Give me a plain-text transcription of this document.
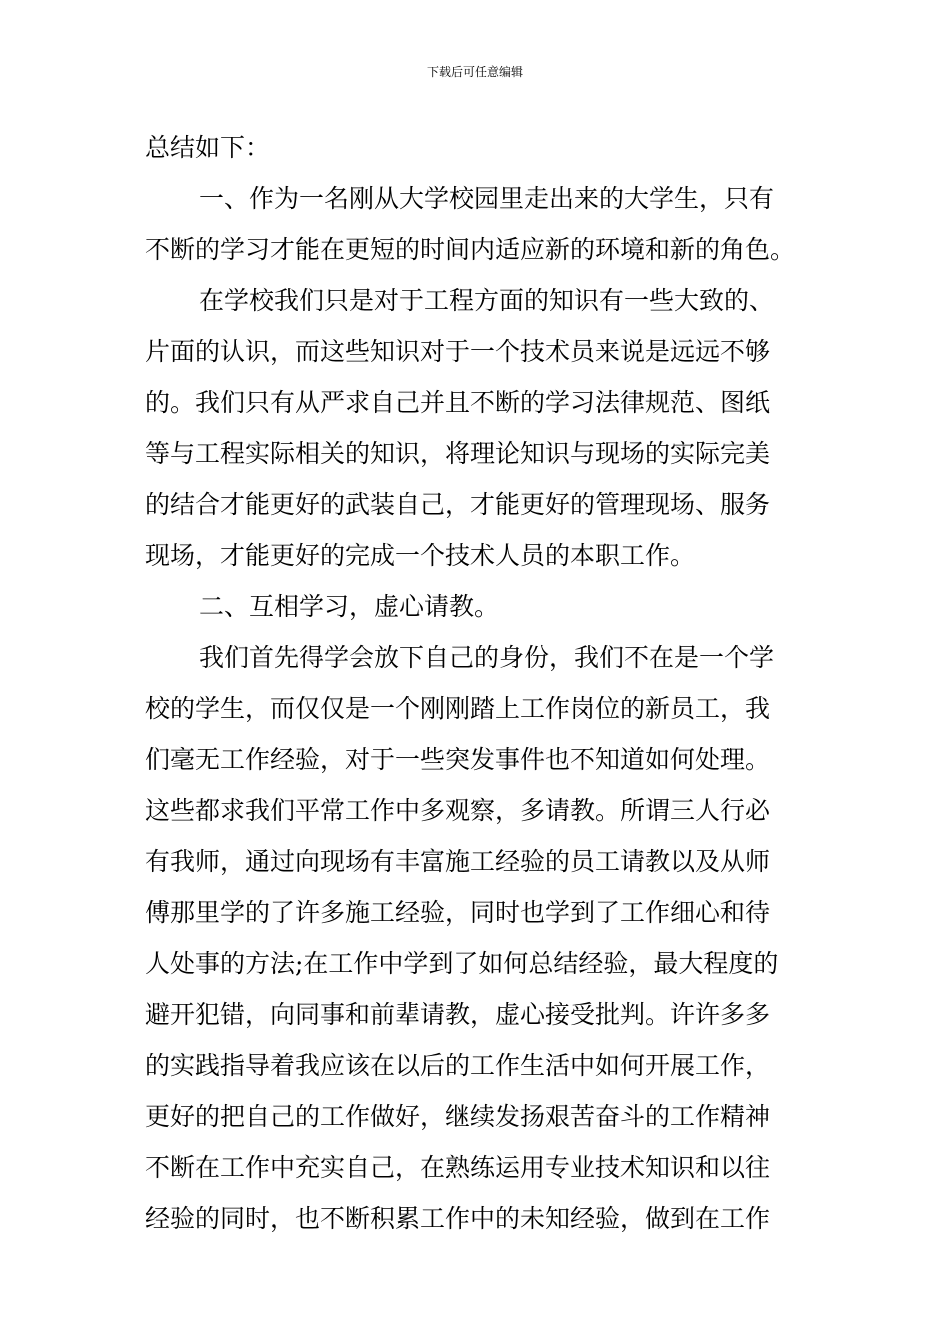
下载后可任意编辑
总结如下：
一、作为一名刚从大学校园里走出来的大学生，只有
不断的学习才能在更短的时间内适应新的环境和新的角色。
在学校我们只是对于工程方面的知识有一些大致的、
片面的认识，而这些知识对于一个技术员来说是远远不够
的。我们只有从严求自己并且不断的学习法律规范、图纸
等与工程实际相关的知识，将理论知识与现场的实际完美
的结合才能更好的武装自己，才能更好的管理现场、服务
现场，才能更好的完成一个技术人员的本职工作。
二、互相学习，虚心请教。
我们首先得学会放下自己的身份，我们不在是一个学
校的学生，而仅仅是一个刚刚踏上工作岗位的新员工，我
们毫无工作经验，对于一些突发事件也不知道如何处理。
这些都求我们平常工作中多观察，多请教。所谓三人行必
有我师，通过向现场有丰富施工经验的员工请教以及从师
傅那里学的了许多施工经验，同时也学到了工作细心和待
人处事的方法;在工作中学到了如何总结经验，最大程度的
避开犯错，向同事和前辈请教，虚心接受批判。许许多多
的实践指导着我应该在以后的工作生活中如何开展工作，
更好的把自己的工作做好，继续发扬艰苦奋斗的工作精神
不断在工作中充实自己，在熟练运用专业技术知识和以往
经验的同时，也不断积累工作中的未知经验，做到在工作
